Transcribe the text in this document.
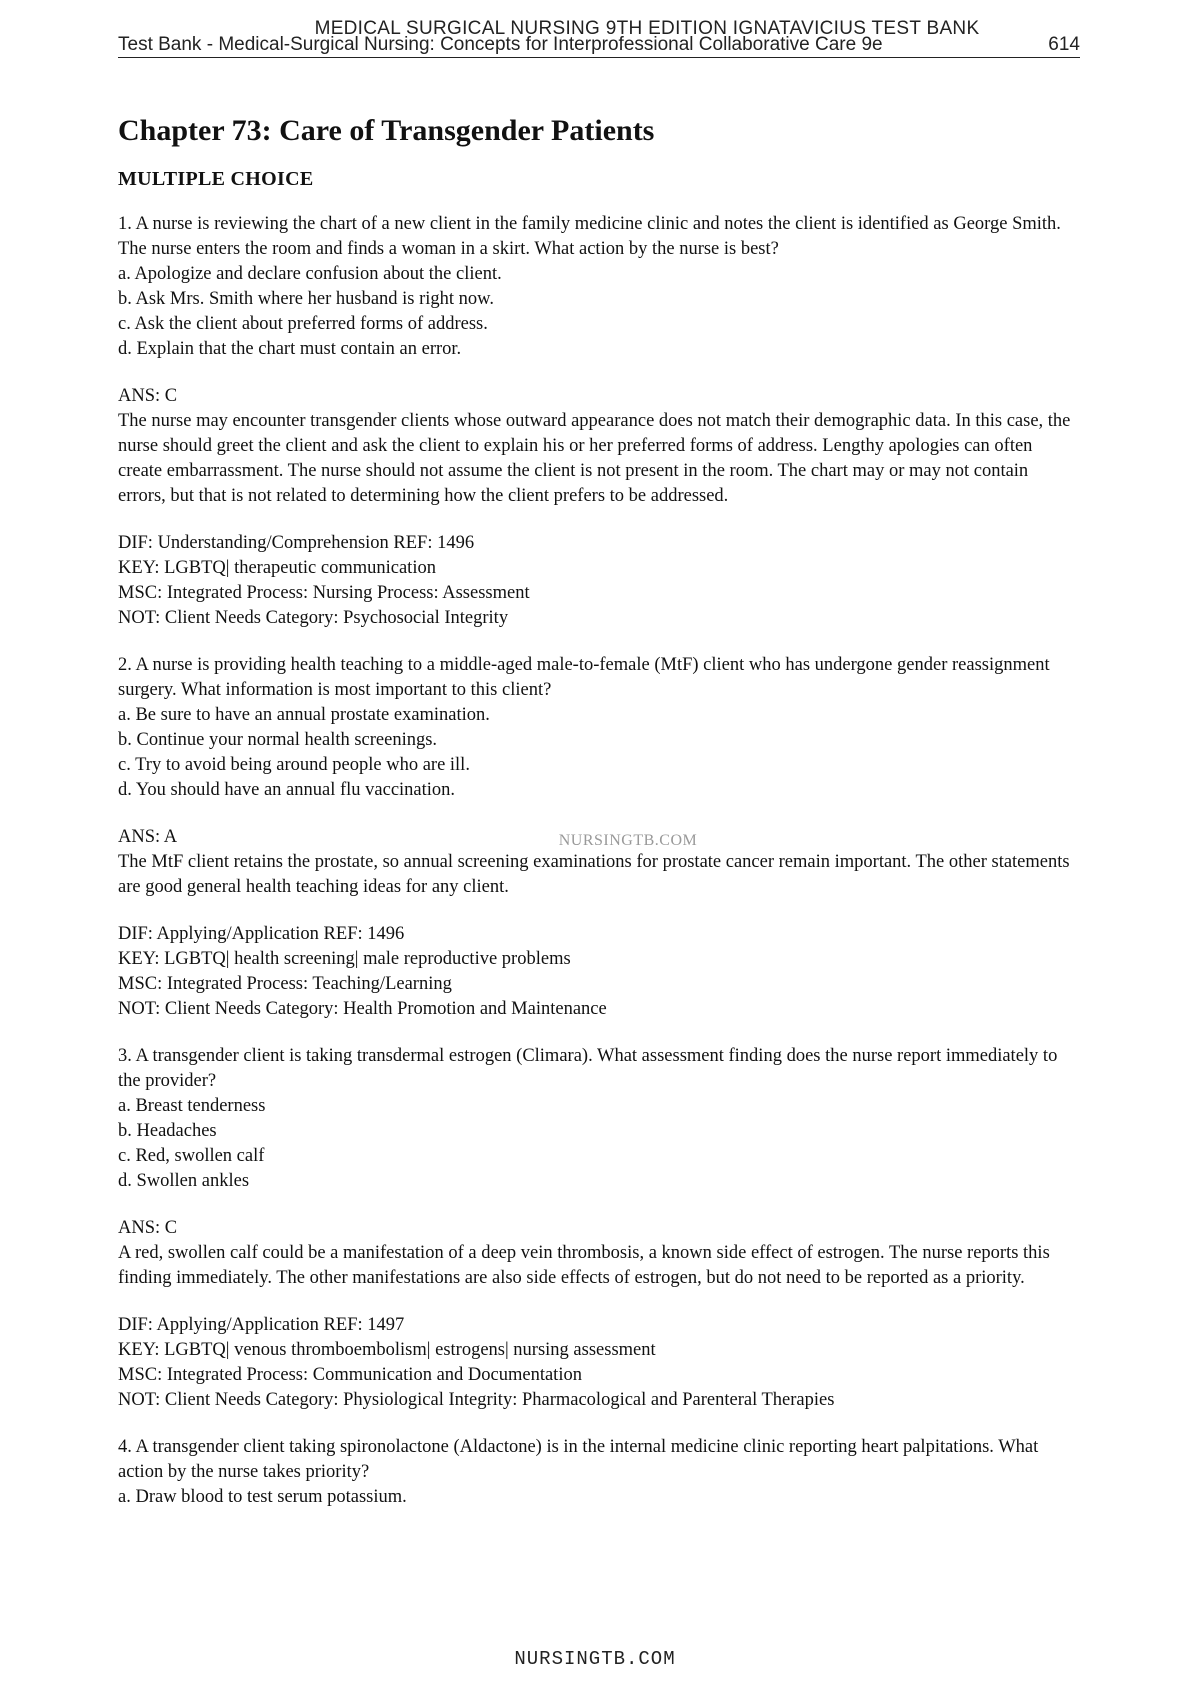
MEDICAL SURGICAL NURSING 9TH EDITION IGNATAVICIUS TEST BANK
Test Bank - Medical-Surgical Nursing: Concepts for Interprofessional Collaborative Care 9e	614
Chapter 73: Care of Transgender Patients
MULTIPLE CHOICE

1. A nurse is reviewing the chart of a new client in the family medicine clinic and notes the client is identified as George Smith. The nurse enters the room and finds a woman in a skirt. What action by the nurse is best?

a. Apologize and declare confusion about the client.

b. Ask Mrs. Smith where her husband is right now.

c. Ask the client about preferred forms of address.

d. Explain that the chart must contain an error.

ANS: C

The nurse may encounter transgender clients whose outward appearance does not match their demographic data. In this case, the nurse should greet the client and ask the client to explain his or her preferred forms of address. Lengthy apologies can often create embarrassment. The nurse should not assume the client is not present in the room. The chart may or may not contain errors, but that is not related to determining how the client prefers to be addressed.

DIF: Understanding/Comprehension REF: 1496

KEY: LGBTQ| therapeutic communication

MSC: Integrated Process: Nursing Process: Assessment

NOT: Client Needs Category: Psychosocial Integrity

2. A nurse is providing health teaching to a middle-aged male-to-female (MtF) client who has undergone gender reassignment surgery. What information is most important to this client?

a. Be sure to have an annual prostate examination.

b. Continue your normal health screenings.

c. Try to avoid being around people who are ill.

d. You should have an annual flu vaccination.

ANS: A

The MtF client retains the prostate, so annual screening examinations for prostate cancer remain important. The other statements are good general health teaching ideas for any client.

DIF: Applying/Application REF: 1496

KEY: LGBTQ| health screening| male reproductive problems

MSC: Integrated Process: Teaching/Learning

NOT: Client Needs Category: Health Promotion and Maintenance

3. A transgender client is taking transdermal estrogen (Climara). What assessment finding does the nurse report immediately to the provider?

a. Breast tenderness

b. Headaches

c. Red, swollen calf

d. Swollen ankles

ANS: C

A red, swollen calf could be a manifestation of a deep vein thrombosis, a known side effect of estrogen. The nurse reports this finding immediately. The other manifestations are also side effects of estrogen, but do not need to be reported as a priority.

DIF: Applying/Application REF: 1497

KEY: LGBTQ| venous thromboembolism| estrogens| nursing assessment

MSC: Integrated Process: Communication and Documentation

NOT: Client Needs Category: Physiological Integrity: Pharmacological and Parenteral Therapies

4. A transgender client taking spironolactone (Aldactone) is in the internal medicine clinic reporting heart palpitations. What action by the nurse takes priority?

a. Draw blood to test serum potassium.

NURSINGTB.COM
NURSINGTB.COM
